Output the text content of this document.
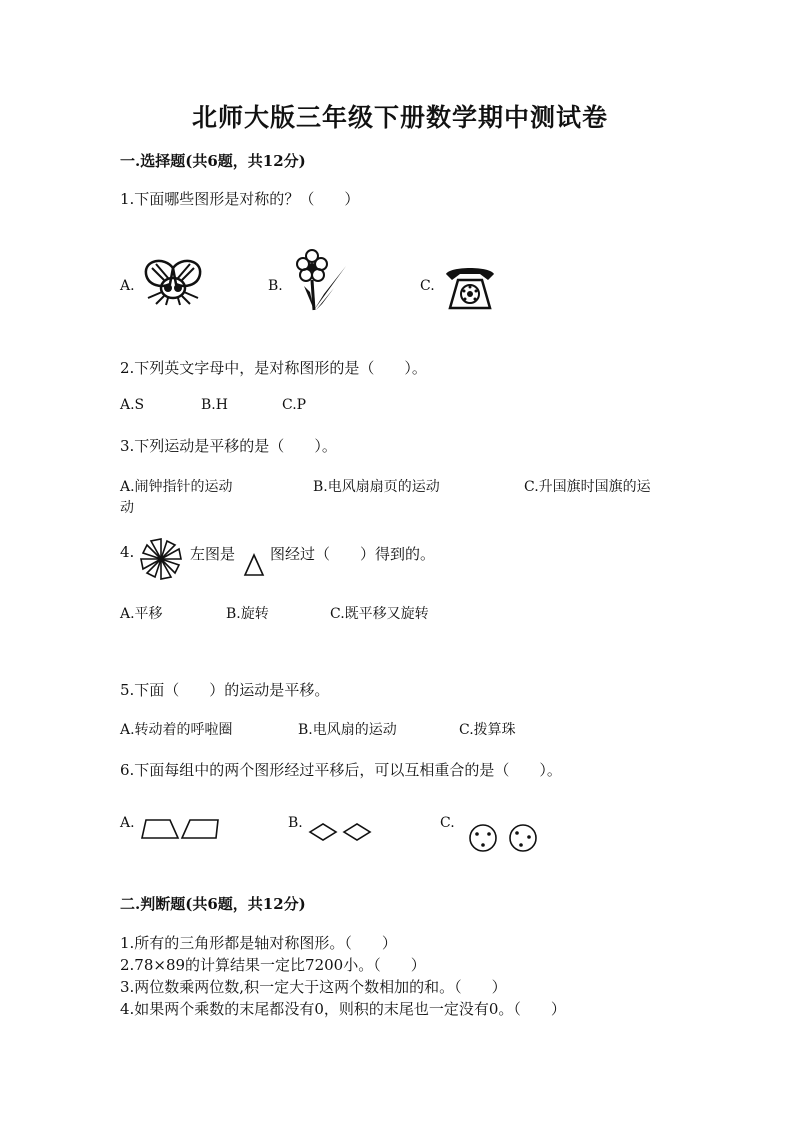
北师大版三年级下册数学期中测试卷
一.选择题(共6题，共12分)
1.下面哪些图形是对称的？（　　）
A.	B.	C.
2.下列英文字母中，是对称图形的是（　　）。
A.S	B.H	C.P
3.下列运动是平移的是（　　）。
A.闹钟指针的运动	B.电风扇扇页的运动	C.升国旗时国旗的运
动
4.	左图是 图经过（　　）得到的。
A.平移	B.旋转	C.既平移又旋转
5.下面（　　）的运动是平移。
A.转动着的呼啦圈	B.电风扇的运动	C.拨算珠
6.下面每组中的两个图形经过平移后，可以互相重合的是（　　）。
A.	B.	C.
二.判断题(共6题，共12分)
1.所有的三角形都是轴对称图形。（　　）
2.78×89的计算结果一定比7200小。（　　）
3.两位数乘两位数,积一定大于这两个数相加的和。（　　）
4.如果两个乘数的末尾都没有0，则积的末尾也一定没有0。（　　）
